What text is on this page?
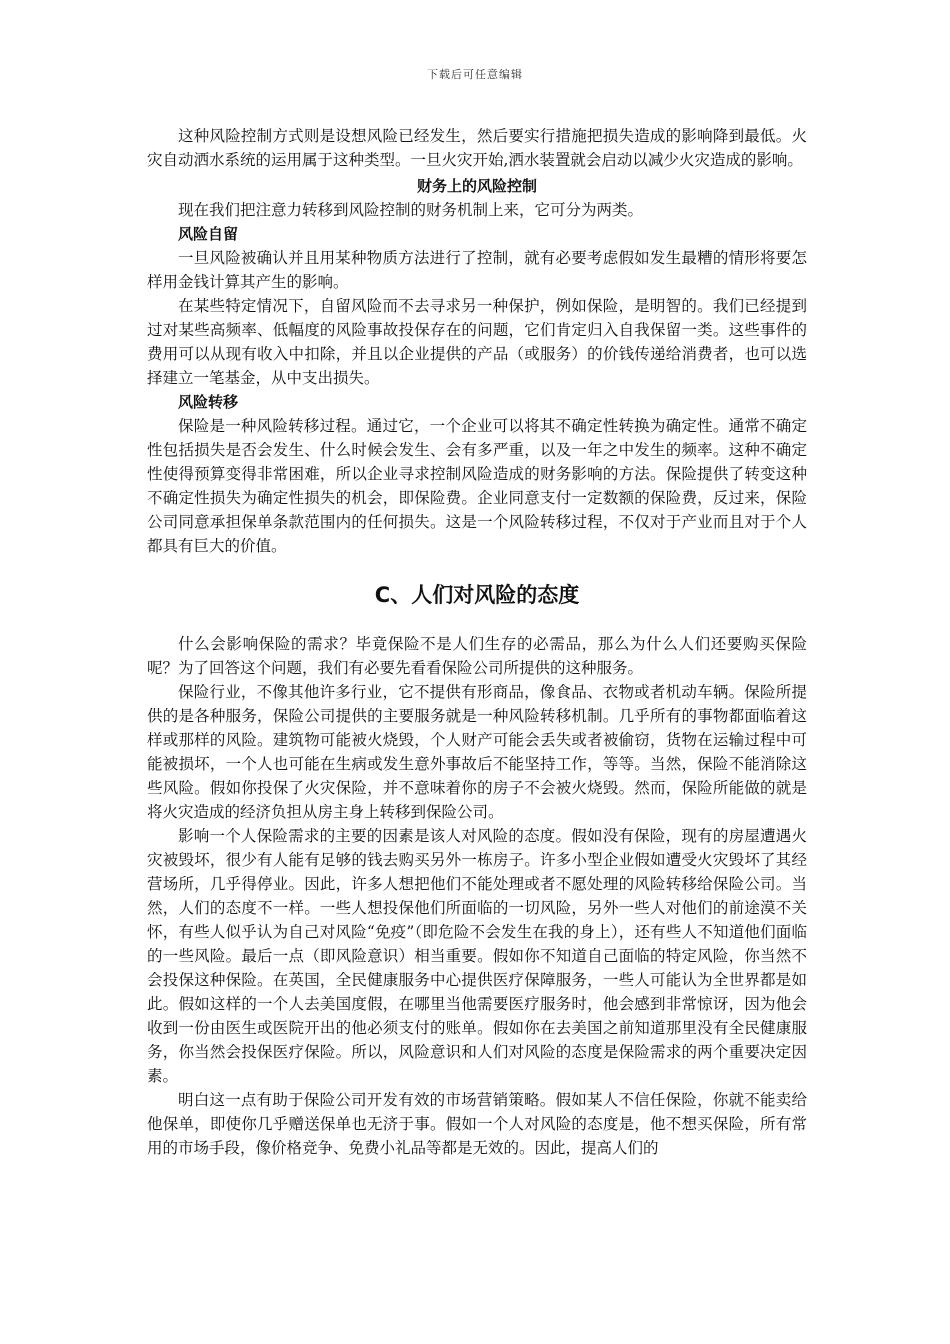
下载后可任意编辑

这种风险控制方式则是设想风险已经发生，然后要实行措施把损失造成的影响降到最低。火灾自动洒水系统的运用属于这种类型。一旦火灾开始,洒水装置就会启动以减少火灾造成的影响。

财务上的风险控制

现在我们把注意力转移到风险控制的财务机制上来，它可分为两类。

风险自留

一旦风险被确认并且用某种物质方法进行了控制，就有必要考虑假如发生最糟的情形将要怎样用金钱计算其产生的影响。

在某些特定情况下，自留风险而不去寻求另一种保护，例如保险，是明智的。我们已经提到过对某些高频率、低幅度的风险事故投保存在的问题，它们肯定归入自我保留一类。这些事件的费用可以从现有收入中扣除，并且以企业提供的产品（或服务）的价钱传递给消费者，也可以选择建立一笔基金，从中支出损失。

风险转移

保险是一种风险转移过程。通过它，一个企业可以将其不确定性转换为确定性。通常不确定性包括损失是否会发生、什么时候会发生、会有多严重，以及一年之中发生的频率。这种不确定性使得预算变得非常困难，所以企业寻求控制风险造成的财务影响的方法。保险提供了转变这种不确定性损失为确定性损失的机会，即保险费。企业同意支付一定数额的保险费，反过来，保险公司同意承担保单条款范围内的任何损失。这是一个风险转移过程，不仅对于产业而且对于个人都具有巨大的价值。

C、人们对风险的态度

什么会影响保险的需求？毕竟保险不是人们生存的必需品，那么为什么人们还要购买保险呢？为了回答这个问题，我们有必要先看看保险公司所提供的这种服务。

保险行业，不像其他许多行业，它不提供有形商品，像食品、衣物或者机动车辆。保险所提供的是各种服务，保险公司提供的主要服务就是一种风险转移机制。几乎所有的事物都面临着这样或那样的风险。建筑物可能被火烧毁，个人财产可能会丢失或者被偷窃，货物在运输过程中可能被损坏，一个人也可能在生病或发生意外事故后不能坚持工作，等等。当然，保险不能消除这些风险。假如你投保了火灾保险，并不意味着你的房子不会被火烧毁。然而，保险所能做的就是将火灾造成的经济负担从房主身上转移到保险公司。

影响一个人保险需求的主要的因素是该人对风险的态度。假如没有保险，现有的房屋遭遇火灾被毁坏，很少有人能有足够的钱去购买另外一栋房子。许多小型企业假如遭受火灾毁坏了其经营场所，几乎得停业。因此，许多人想把他们不能处理或者不愿处理的风险转移给保险公司。当然，人们的态度不一样。一些人想投保他们所面临的一切风险，另外一些人对他们的前途漠不关怀，有些人似乎认为自己对风险“免疫”（即危险不会发生在我的身上），还有些人不知道他们面临的一些风险。最后一点（即风险意识）相当重要。假如你不知道自己面临的特定风险，你当然不会投保这种保险。在英国，全民健康服务中心提供医疗保障服务，一些人可能认为全世界都是如此。假如这样的一个人去美国度假，在哪里当他需要医疗服务时，他会感到非常惊讶，因为他会收到一份由医生或医院开出的他必须支付的账单。假如你在去美国之前知道那里没有全民健康服务，你当然会投保医疗保险。所以，风险意识和人们对风险的态度是保险需求的两个重要决定因素。

明白这一点有助于保险公司开发有效的市场营销策略。假如某人不信任保险，你就不能卖给他保单，即使你几乎赠送保单也无济于事。假如一个人对风险的态度是，他不想买保险，所有常用的市场手段，像价格竞争、免费小礼品等都是无效的。因此，提高人们的
